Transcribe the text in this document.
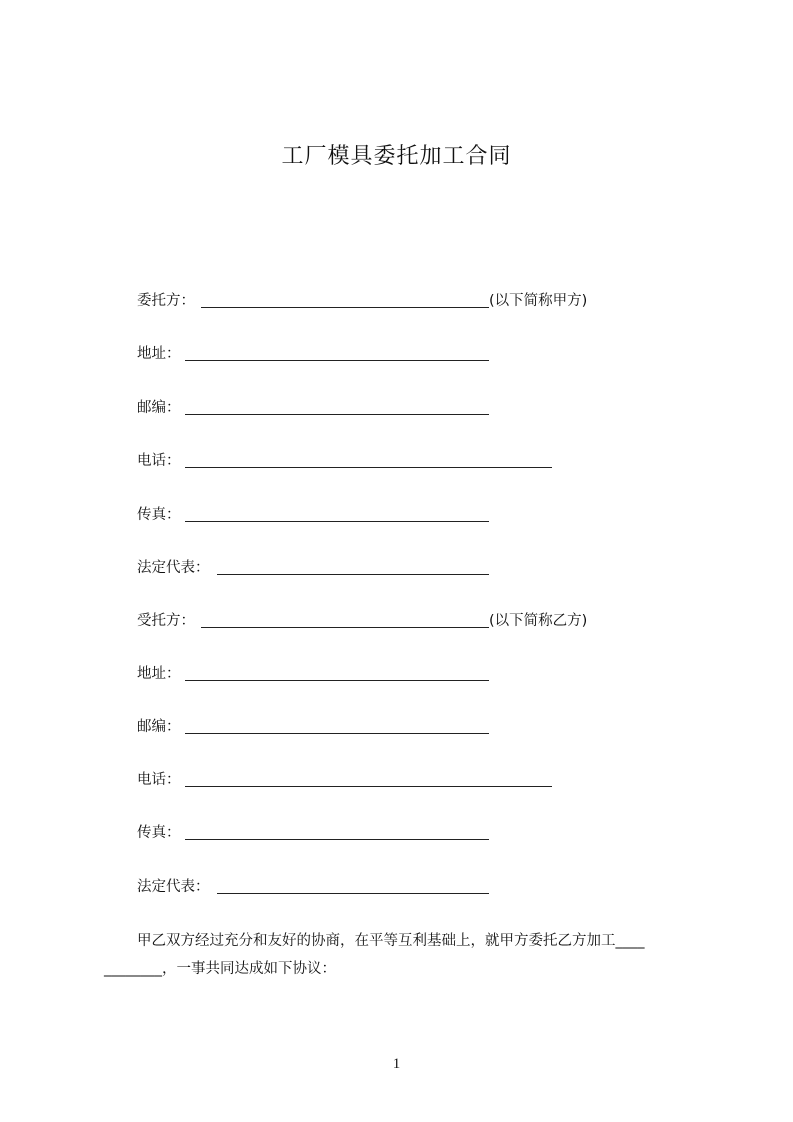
工厂模具委托加工合同
委托方：	(以下简称甲方)
地址：
邮编：
电话：
传真：
法定代表：
受托方：	(以下简称乙方)
地址：
邮编：
电话：
传真：
法定代表：
甲乙双方经过充分和友好的协商，在平等互利基础上，就甲方委托乙方加工____
________，一事共同达成如下协议：
1
